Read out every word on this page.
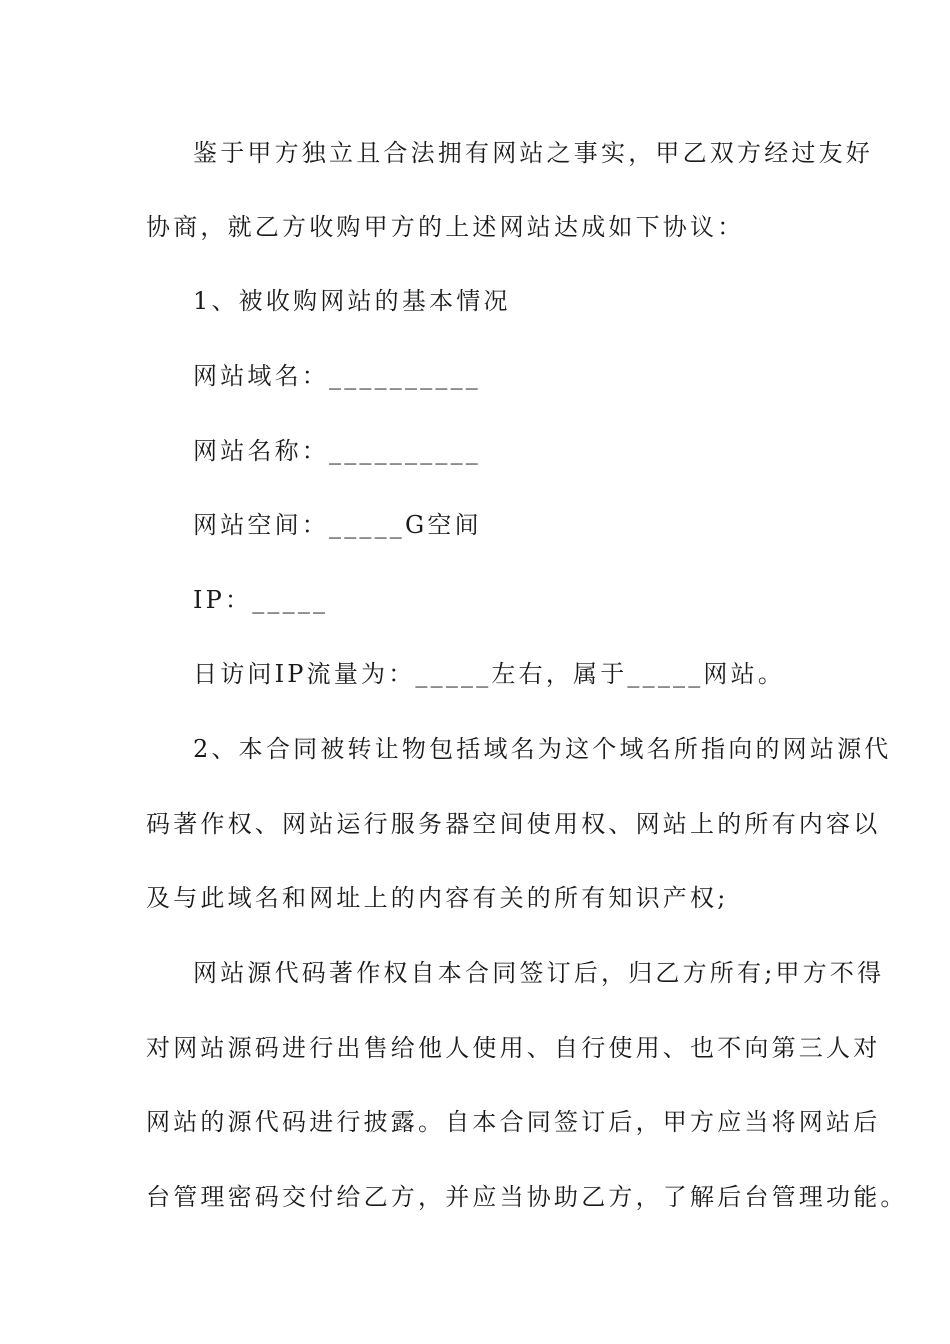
鉴于甲方独立且合法拥有网站之事实，甲乙双方经过友好
协商，就乙方收购甲方的上述网站达成如下协议：
1、被收购网站的基本情况
网站域名：__________
网站名称：__________
网站空间：_____G空间
IP：_____
日访问IP流量为：_____左右，属于_____网站。
2、本合同被转让物包括域名为这个域名所指向的网站源代
码著作权、网站运行服务器空间使用权、网站上的所有内容以
及与此域名和网址上的内容有关的所有知识产权;
网站源代码著作权自本合同签订后，归乙方所有;甲方不得
对网站源码进行出售给他人使用、自行使用、也不向第三人对
网站的源代码进行披露。自本合同签订后，甲方应当将网站后
台管理密码交付给乙方，并应当协助乙方，了解后台管理功能。
